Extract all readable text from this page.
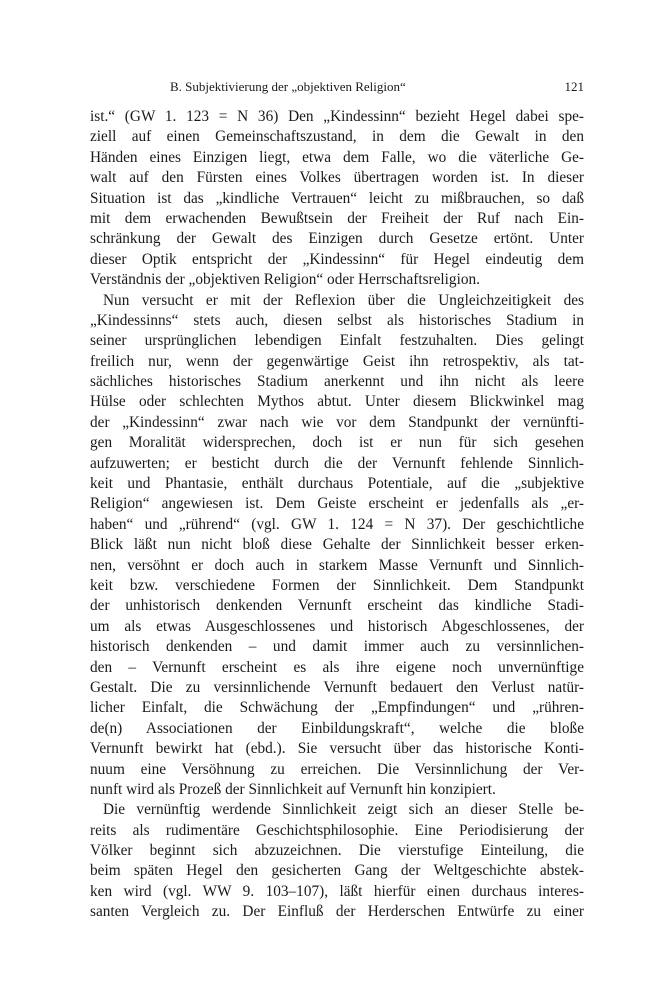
B. Subjektivierung der „objektiven Religion“	121
ist.“ (GW 1. 123 = N 36) Den „Kindessinn“ bezieht Hegel dabei spe-
ziell auf einen Gemeinschaftszustand, in dem die Gewalt in den
Händen eines Einzigen liegt, etwa dem Falle, wo die väterliche Ge-
walt auf den Fürsten eines Volkes übertragen worden ist. In dieser
Situation ist das „kindliche Vertrauen“ leicht zu mißbrauchen, so daß
mit dem erwachenden Bewußtsein der Freiheit der Ruf nach Ein-
schränkung der Gewalt des Einzigen durch Gesetze ertönt. Unter
dieser Optik entspricht der „Kindessinn“ für Hegel eindeutig dem
Verständnis der „objektiven Religion“ oder Herrschaftsreligion.
Nun versucht er mit der Reflexion über die Ungleichzeitigkeit des
„Kindessinns“ stets auch, diesen selbst als historisches Stadium in
seiner ursprünglichen lebendigen Einfalt festzuhalten. Dies gelingt
freilich nur, wenn der gegenwärtige Geist ihn retrospektiv, als tat-
sächliches historisches Stadium anerkennt und ihn nicht als leere
Hülse oder schlechten Mythos abtut. Unter diesem Blickwinkel mag
der „Kindessinn“ zwar nach wie vor dem Standpunkt der vernünfti-
gen Moralität widersprechen, doch ist er nun für sich gesehen
aufzuwerten; er besticht durch die der Vernunft fehlende Sinnlich-
keit und Phantasie, enthält durchaus Potentiale, auf die „subjektive
Religion“ angewiesen ist. Dem Geiste erscheint er jedenfalls als „er-
haben“ und „rührend“ (vgl. GW 1. 124 = N 37). Der geschichtliche
Blick läßt nun nicht bloß diese Gehalte der Sinnlichkeit besser erken-
nen, versöhnt er doch auch in starkem Masse Vernunft und Sinnlich-
keit bzw. verschiedene Formen der Sinnlichkeit. Dem Standpunkt
der unhistorisch denkenden Vernunft erscheint das kindliche Stadi-
um als etwas Ausgeschlossenes und historisch Abgeschlossenes, der
historisch denkenden – und damit immer auch zu versinnlichen-
den – Vernunft erscheint es als ihre eigene noch unvernünftige
Gestalt. Die zu versinnlichende Vernunft bedauert den Verlust natür-
licher Einfalt, die Schwächung der „Empfindungen“ und „rühren-
de(n) Associationen der Einbildungskraft“, welche die bloße
Vernunft bewirkt hat (ebd.). Sie versucht über das historische Konti-
nuum eine Versöhnung zu erreichen. Die Versinnlichung der Ver-
nunft wird als Prozeß der Sinnlichkeit auf Vernunft hin konzipiert.
Die vernünftig werdende Sinnlichkeit zeigt sich an dieser Stelle be-
reits als rudimentäre Geschichtsphilosophie. Eine Periodisierung der
Völker beginnt sich abzuzeichnen. Die vierstufige Einteilung, die
beim späten Hegel den gesicherten Gang der Weltgeschichte abstek-
ken wird (vgl. WW 9. 103–107), läßt hierfür einen durchaus interes-
santen Vergleich zu. Der Einfluß der Herderschen Entwürfe zu einer
